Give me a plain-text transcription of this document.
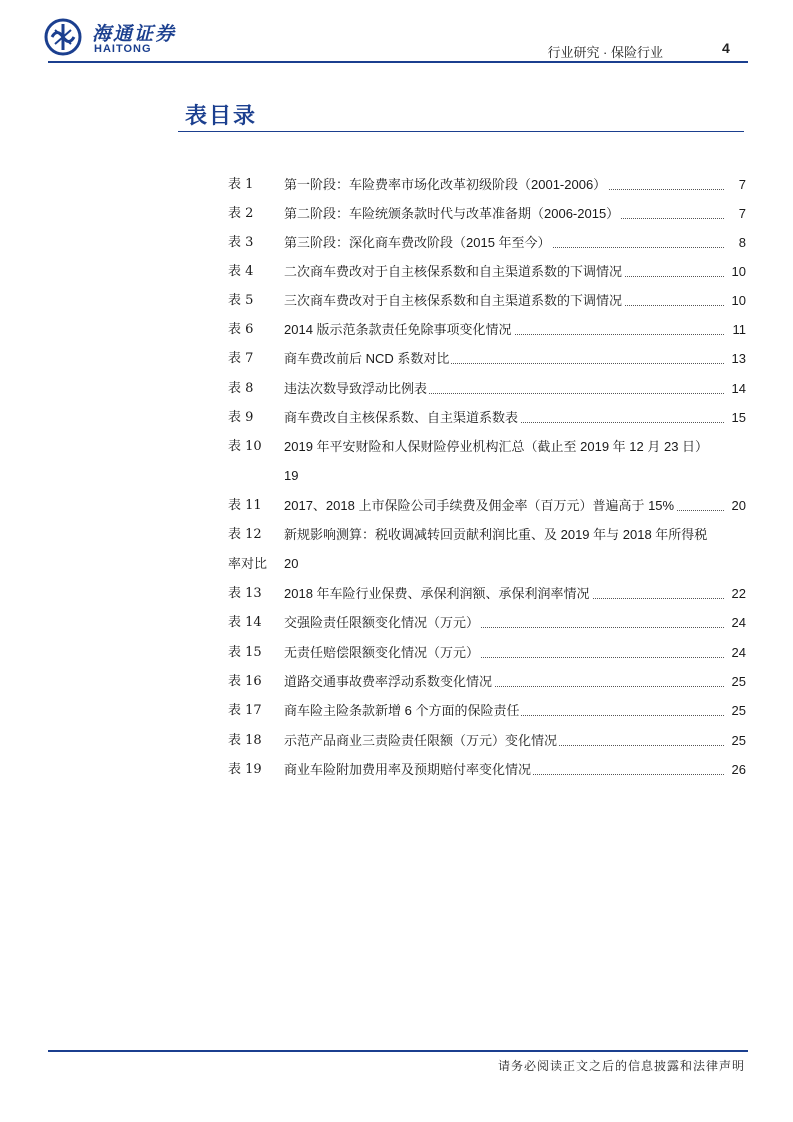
海通证券
HAITONG	行业研究 · 保险行业	4
表目录
表 1 第一阶段：车险费率市场化改革初级阶段（2001-2006）	7
表 2 第二阶段：车险统颁条款时代与改革准备期（2006-2015）	7
表 3 第三阶段：深化商车费改阶段（2015 年至今）	8
表 4 二次商车费改对于自主核保系数和自主渠道系数的下调情况	10
表 5 三次商车费改对于自主核保系数和自主渠道系数的下调情况	10
表 6 2014 版示范条款责任免除事项变化情况	11
表 7 商车费改前后 NCD 系数对比	13
表 8 违法次数导致浮动比例表	14
表 9 商车费改自主核保系数、自主渠道系数表	15
表 10 2019 年平安财险和人保财险停业机构汇总（截止至 2019 年 12 月 23 日）
19
表 11 2017、2018 上市保险公司手续费及佣金率（百万元）普遍高于 15%	20
表 12 新规影响测算：税收调减转回贡献利润比重、及 2019 年与 2018 年所得税
率对比 20
表 13 2018 年车险行业保费、承保利润额、承保利润率情况	22
表 14 交强险责任限额变化情况（万元）	24
表 15 无责任赔偿限额变化情况（万元）	24
表 16 道路交通事故费率浮动系数变化情况	25
表 17 商车险主险条款新增 6 个方面的保险责任	25
表 18 示范产品商业三责险责任限额（万元）变化情况	25
表 19 商业车险附加费用率及预期赔付率变化情况	26
请务必阅读正文之后的信息披露和法律声明
